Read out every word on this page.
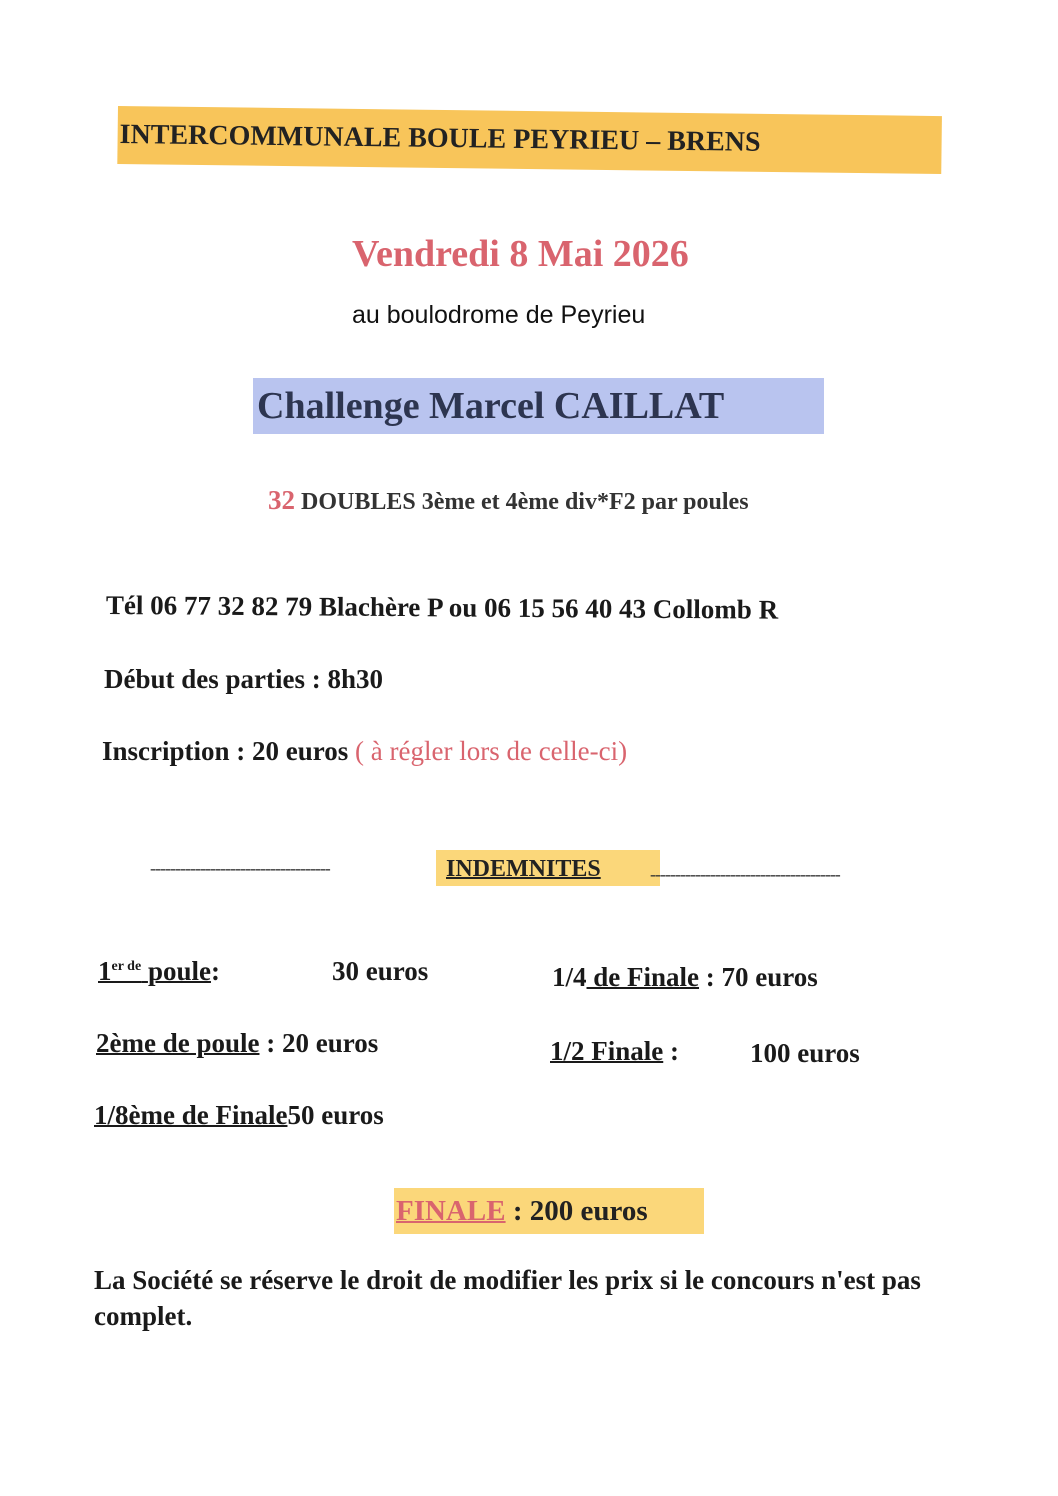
INTERCOMMUNALE BOULE PEYRIEU – BRENS
Vendredi 8 Mai 2026
au boulodrome de Peyrieu
Challenge Marcel CAILLAT
32 DOUBLES 3ème et 4ème div*F2 par poules
Tél 06 77 32 82 79 Blachère P ou 06 15 56 40 43 Collomb R
Début des parties : 8h30
Inscription : 20 euros ( à régler lors de celle-ci)
------------------------------------	INDEMNITES	--------------------------------------
$1^{er de}$ poule:	30 euros
2ème de poule : 20 euros
1/8ème de Finale50 euros
1/4 de Finale : 70 euros
1/2 Finale :	100 euros
FINALE : 200 euros
La Société se réserve le droit de modifier les prix si le concours n'est pas complet.
